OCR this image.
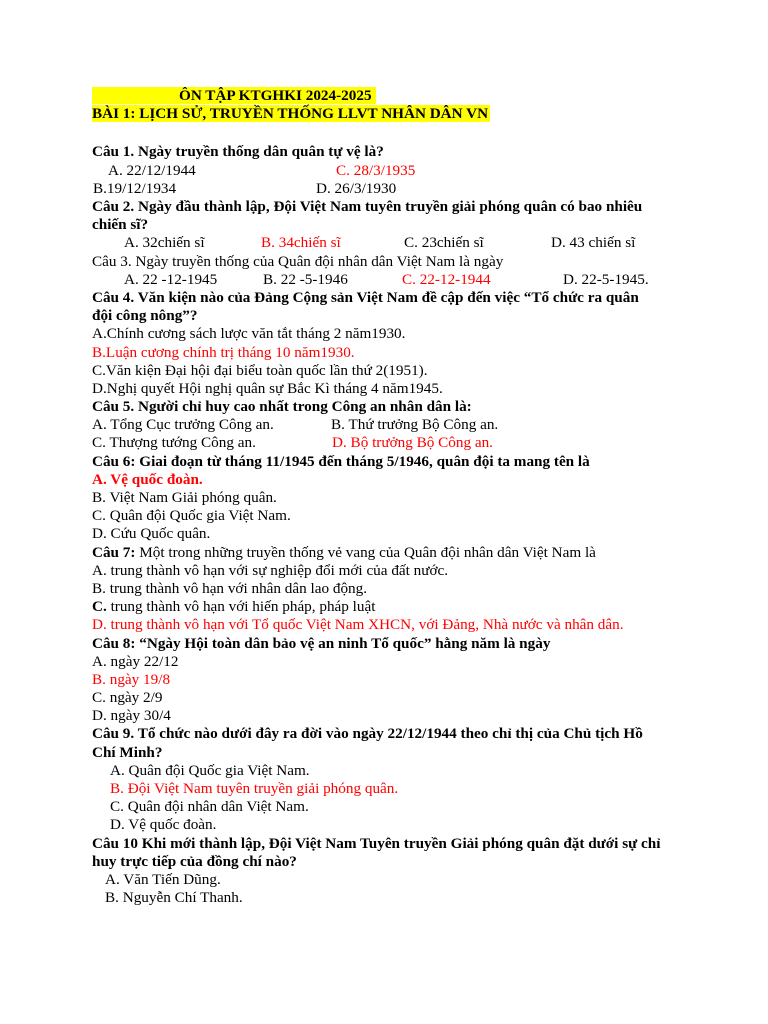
ÔN TẬP KTGHKI 2024-2025
BÀI 1: LỊCH SỬ, TRUYỀN THỐNG LLVT NHÂN DÂN VN
Câu 1. Ngày truyền thống dân quân tự vệ là?
A. 22/12/1944	C. 28/3/1935
B.19/12/1934	D. 26/3/1930
Câu 2. Ngày đầu thành lập, Đội Việt Nam tuyên truyền giải phóng quân có bao nhiêu chiến sĩ?
A. 32chiến sĩ	B. 34chiến sĩ	C. 23chiến sĩ	D. 43 chiến sĩ
Câu 3. Ngày truyền thống của Quân đội nhân dân Việt Nam là ngày
A. 22 -12-1945	B. 22 -5-1946	C. 22-12-1944	D. 22-5-1945.
Câu 4. Văn kiện nào của Đảng Cộng sản Việt Nam đề cập đến việc “Tổ chức ra quân đội công nông”?
A.Chính cương sách lược văn tắt tháng 2 năm1930.
B.Luận cương chính trị tháng 10 năm1930.
C.Văn kiện Đại hội đại biểu toàn quốc lần thứ 2(1951).
D.Nghị quyết Hội nghị quân sự Bắc Kì tháng 4 năm1945.
Câu 5. Người chỉ huy cao nhất trong Công an nhân dân là:
A. Tổng Cục trưởng Công an.	B. Thứ trưởng Bộ Công an.
C. Thượng tướng Công an.	D. Bộ trưởng Bộ Công an.
Câu 6: Giai đoạn từ tháng 11/1945 đến tháng 5/1946, quân đội ta mang tên là
A. Vệ quốc đoàn.
B. Việt Nam Giải phóng quân.
C. Quân đội Quốc gia Việt Nam.
D. Cứu Quốc quân.
Câu 7: Một trong những truyền thống vẻ vang của Quân đội nhân dân Việt Nam là
A. trung thành vô hạn với sự nghiệp đổi mới của đất nước.
B. trung thành vô hạn với nhân dân lao động.
C. trung thành vô hạn với hiến pháp, pháp luật
D. trung thành vô hạn với Tổ quốc Việt Nam XHCN, với Đảng, Nhà nước và nhân dân.
Câu 8: “Ngày Hội toàn dân bảo vệ an ninh Tổ quốc” hằng năm là ngày
A. ngày 22/12
B. ngày 19/8
C. ngày 2/9
D. ngày 30/4
Câu 9. Tổ chức nào dưới đây ra đời vào ngày 22/12/1944 theo chỉ thị của Chủ tịch Hồ Chí Minh?
A. Quân đội Quốc gia Việt Nam.
B. Đội Việt Nam tuyên truyền giải phóng quân.
C. Quân đội nhân dân Việt Nam.
D. Vệ quốc đoàn.
Câu 10 Khi mới thành lập, Đội Việt Nam Tuyên truyền Giải phóng quân đặt dưới sự chỉ huy trực tiếp của đồng chí nào?
A. Văn Tiến Dũng.
B. Nguyễn Chí Thanh.
